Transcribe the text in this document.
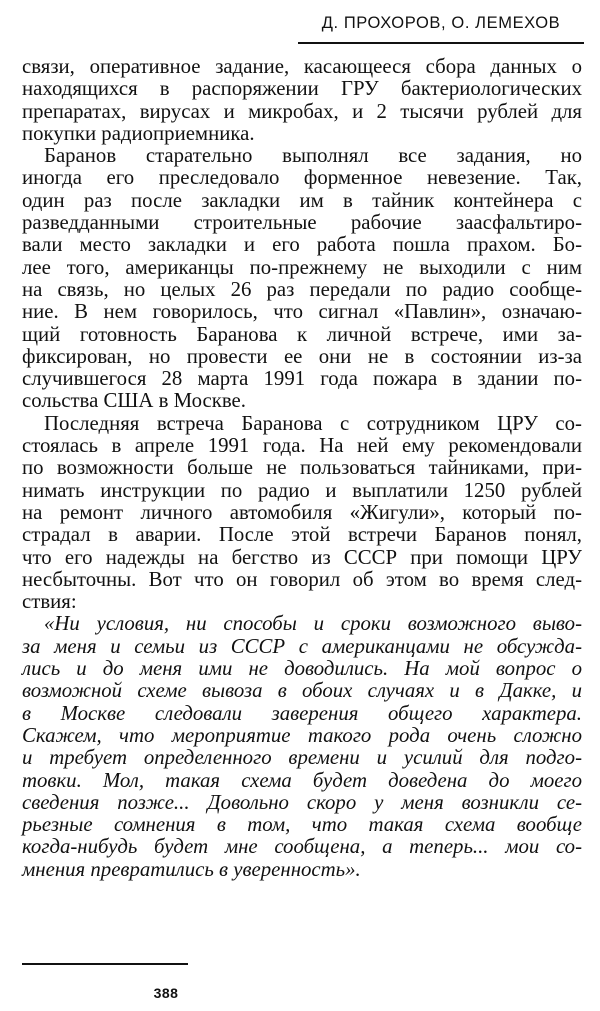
Д. ПРОХОРОВ, О. ЛЕМЕХОВ
связи, оперативное задание, касающееся сбора данных о
находящихся в распоряжении ГРУ бактериологических
препаратах, вирусах и микробах, и 2 тысячи рублей для
покупки радиоприемника.
Баранов старательно выполнял все задания, но
иногда его преследовало форменное невезение. Так,
один раз после закладки им в тайник контейнера с
разведданными строительные рабочие заасфальтиро-
вали место закладки и его работа пошла прахом. Бо-
лее того, американцы по-прежнему не выходили с ним
на связь, но целых 26 раз передали по радио сообще-
ние. В нем говорилось, что сигнал «Павлин», означаю-
щий готовность Баранова к личной встрече, ими за-
фиксирован, но провести ее они не в состоянии из-за
случившегося 28 марта 1991 года пожара в здании по-
сольства США в Москве.
Последняя встреча Баранова с сотрудником ЦРУ со-
стоялась в апреле 1991 года. На ней ему рекомендовали
по возможности больше не пользоваться тайниками, при-
нимать инструкции по радио и выплатили 1250 рублей
на ремонт личного автомобиля «Жигули», который по-
страдал в аварии. После этой встречи Баранов понял,
что его надежды на бегство из СССР при помощи ЦРУ
несбыточны. Вот что он говорил об этом во время след-
ствия:
«Ни условия, ни способы и сроки возможного выво-
за меня и семьи из СССР с американцами не обсужда-
лись и до меня ими не доводились. На мой вопрос о
возможной схеме вывоза в обоих случаях и в Дакке, и
в Москве следовали заверения общего характера.
Скажем, что мероприятие такого рода очень сложно
и требует определенного времени и усилий для подго-
товки. Мол, такая схема будет доведена до моего
сведения позже... Довольно скоро у меня возникли се-
рьезные сомнения в том, что такая схема вообще
когда-нибудь будет мне сообщена, а теперь... мои со-
мнения превратились в уверенность».
388
